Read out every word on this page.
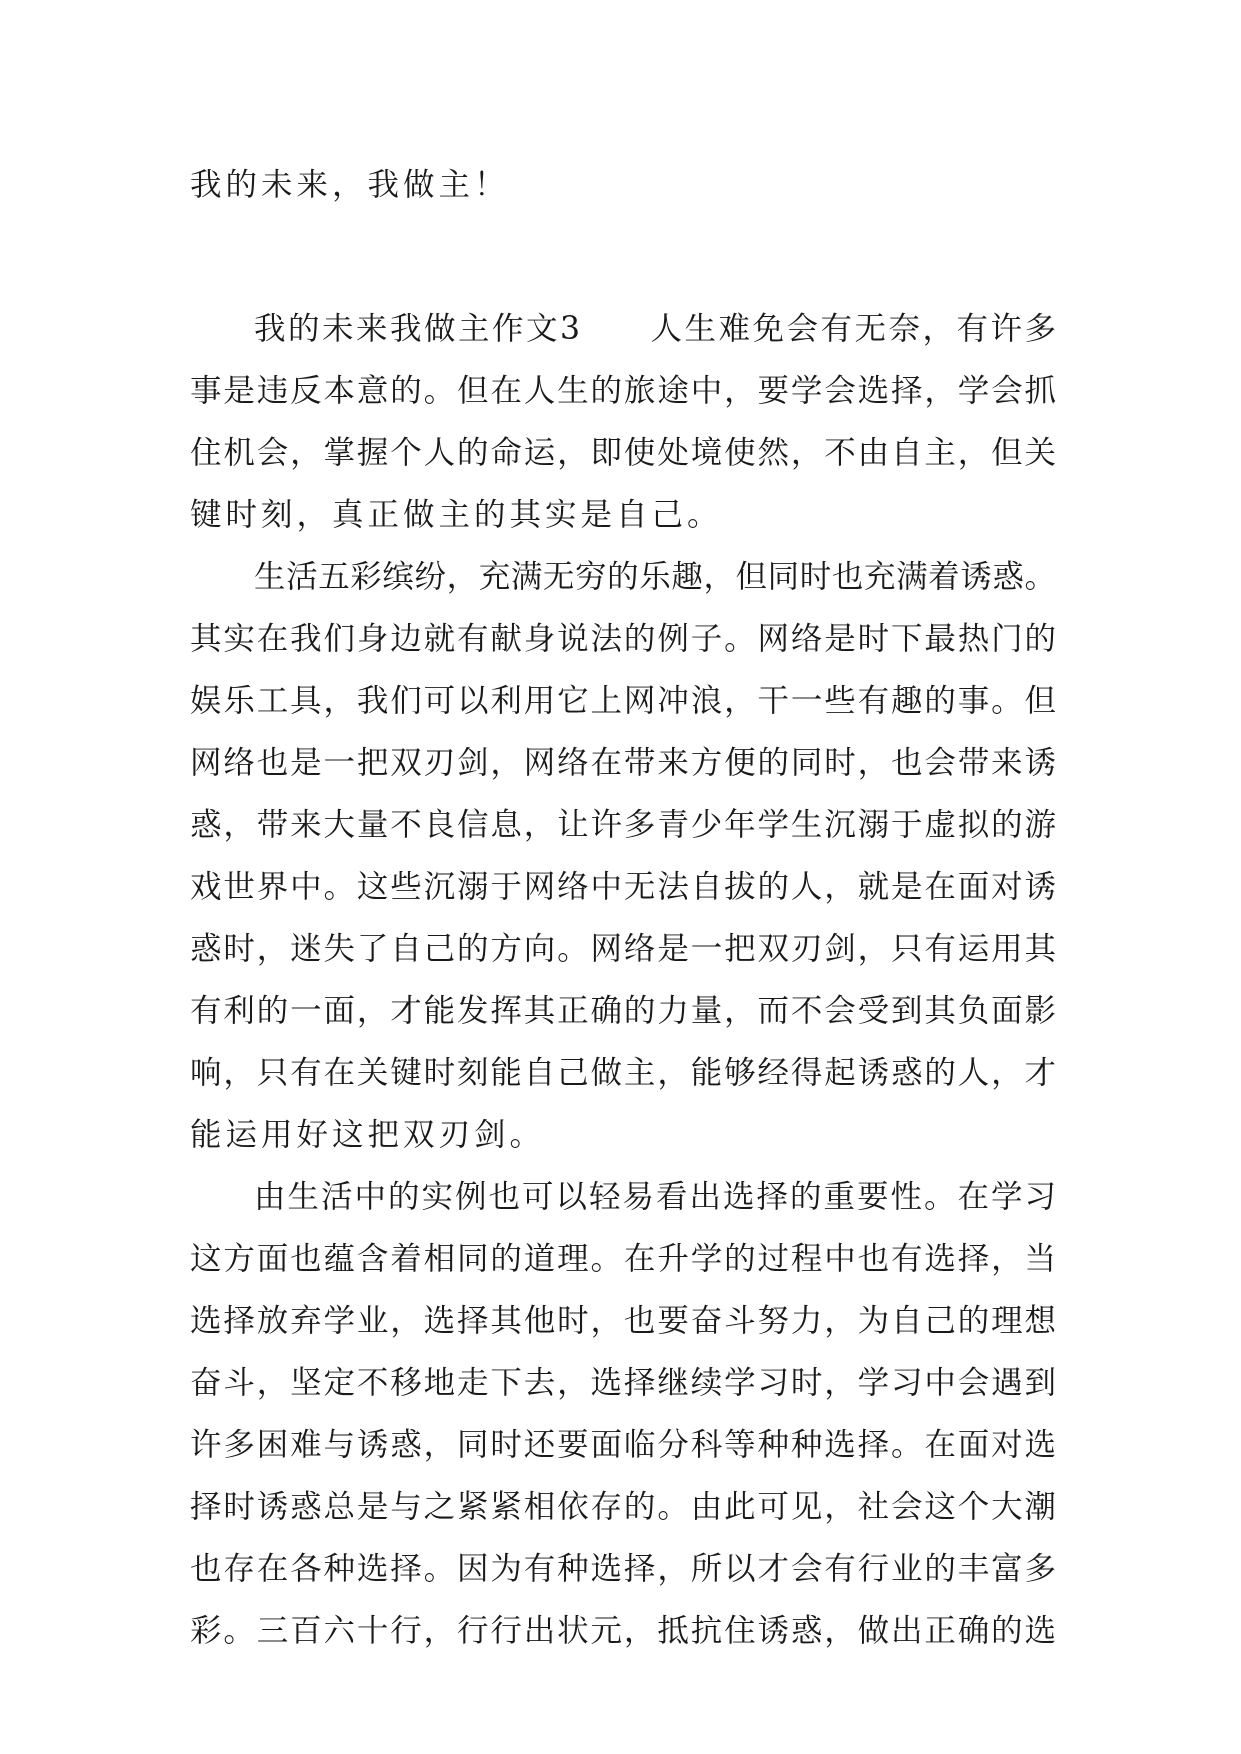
我的未来，我做主！

我的未来我做主作文3　　人生难免会有无奈，有许多
事是违反本意的。但在人生的旅途中，要学会选择，学会抓
住机会，掌握个人的命运，即使处境使然，不由自主，但关
键时刻，真正做主的其实是自己。
生活五彩缤纷，充满无穷的乐趣，但同时也充满着诱惑。
其实在我们身边就有献身说法的例子。网络是时下最热门的
娱乐工具，我们可以利用它上网冲浪，干一些有趣的事。但
网络也是一把双刃剑，网络在带来方便的同时，也会带来诱
惑，带来大量不良信息，让许多青少年学生沉溺于虚拟的游
戏世界中。这些沉溺于网络中无法自拔的人，就是在面对诱
惑时，迷失了自己的方向。网络是一把双刃剑，只有运用其
有利的一面，才能发挥其正确的力量，而不会受到其负面影
响，只有在关键时刻能自己做主，能够经得起诱惑的人，才
能运用好这把双刃剑。
由生活中的实例也可以轻易看出选择的重要性。在学习
这方面也蕴含着相同的道理。在升学的过程中也有选择，当
选择放弃学业，选择其他时，也要奋斗努力，为自己的理想
奋斗，坚定不移地走下去，选择继续学习时，学习中会遇到
许多困难与诱惑，同时还要面临分科等种种选择。在面对选
择时诱惑总是与之紧紧相依存的。由此可见，社会这个大潮
也存在各种选择。因为有种选择，所以才会有行业的丰富多
彩。三百六十行，行行出状元，抵抗住诱惑，做出正确的选
